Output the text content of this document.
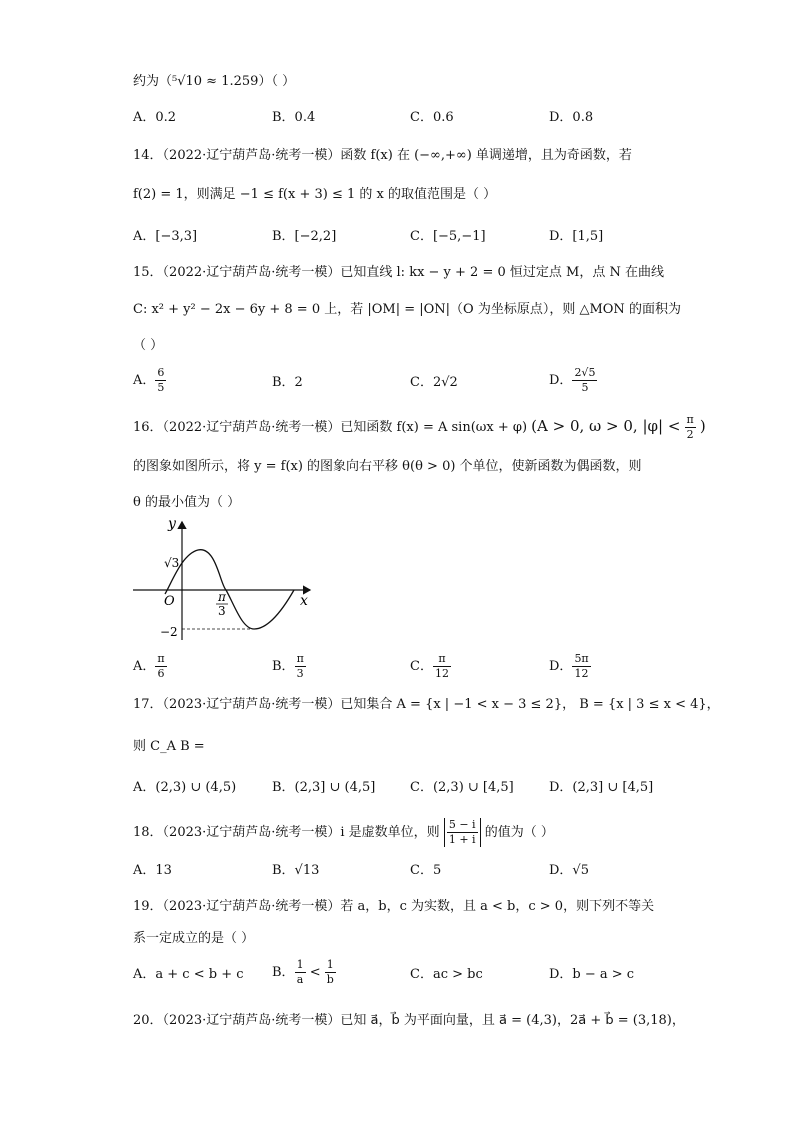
约为（⁵√10 ≈ 1.259）（ ）
A．0.2	B．0.4	C．0.6	D．0.8
14．（2022·辽宁葫芦岛·统考一模）函数 f(x) 在 (−∞,+∞) 单调递增，且为奇函数，若
f(2) = 1，则满足 −1 ≤ f(x + 3) ≤ 1 的 x 的取值范围是（ ）
A．[−3,3]	B．[−2,2]	C．[−5,−1]	D．[1,5]
15．（2022·辽宁葫芦岛·统考一模）已知直线 l: kx − y + 2 = 0 恒过定点 M，点 N 在曲线
C: x² + y² − 2x − 6y + 8 = 0 上，若 |OM| = |ON|（O 为坐标原点），则 △MON 的面积为
（ ）
A． $\frac{6}{5}$	B．2	C．2√2	D． $\frac{2√5}{5}$
16．（2022·辽宁葫芦岛·统考一模）已知函数 f(x) = A sin(ωx + φ) (A > 0, ω > 0, $|\varphi| < \frac{\pi}{2}$ )
的图象如图所示，将 y = f(x) 的图象向右平移 θ(θ > 0) 个单位，使新函数为偶函数，则
θ 的最小值为（ ）
y
x
O
√3
−2
π
3
A． $\frac{\pi}{6}$	B． $\frac{\pi}{3}$	C． $\frac{\pi}{12}$	D． $\frac{5\pi}{12}$
17．（2023·辽宁葫芦岛·统考一模）已知集合 A = {x | −1 < x − 3 ≤ 2}， B = {x | 3 ≤ x < 4}，
则 C_A B =
A．(2,3) ∪ (4,5)	B．(2,3] ∪ (4,5]	C．(2,3) ∪ [4,5]	D．(2,3] ∪ [4,5]
18．（2023·辽宁葫芦岛·统考一模）i 是虚数单位，则 $\frac{5 - i}{1 + i}$ 的值为（ ）
A．13	B．√13	C．5	D．√5
19．（2023·辽宁葫芦岛·统考一模）若 a，b，c 为实数，且 a < b，c > 0，则下列不等关
系一定成立的是（ ）
A．a + c < b + c B． $\frac{1}{a} < \frac{1}{b}$	C．ac > bc	D．b − a > c
20．（2023·辽宁葫芦岛·统考一模）已知 a⃗，b⃗ 为平面向量，且 a⃗ = (4,3)，2a⃗ + b⃗ = (3,18)，
